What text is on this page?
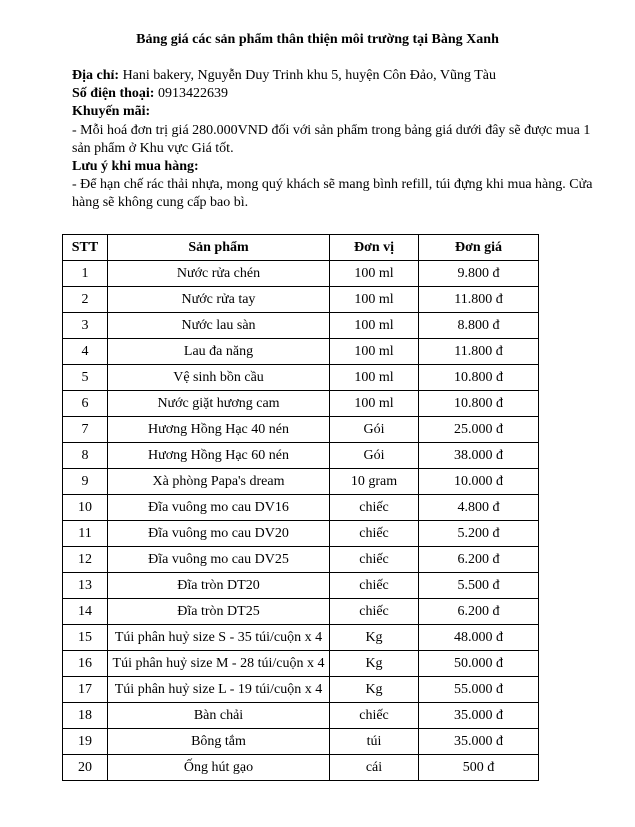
Bảng giá các sản phẩm thân thiện môi trường tại Bàng Xanh

Địa chỉ: Hani bakery, Nguyễn Duy Trinh khu 5, huyện Côn Đảo, Vũng Tàu

Số điện thoại: 0913422639

Khuyến mãi:

- Mỗi hoá đơn trị giá 280.000VND đối với sản phẩm trong bảng giá dưới đây sẽ được mua 1 sản phẩm ở Khu vực Giá tốt.

Lưu ý khi mua hàng:

- Để hạn chế rác thải nhựa, mong quý khách sẽ mang bình refill, túi đựng khi mua hàng. Cửa hàng sẽ không cung cấp bao bì.

STT	Sản phẩm	Đơn vị	Đơn giá
1	Nước rửa chén	100 ml	9.800 đ
2	Nước rửa tay	100 ml	11.800 đ
3	Nước lau sàn	100 ml	8.800 đ
4	Lau đa năng	100 ml	11.800 đ
5	Vệ sinh bồn cầu	100 ml	10.800 đ
6	Nước giặt hương cam	100 ml	10.800 đ
7	Hương Hồng Hạc 40 nén	Gói	25.000 đ
8	Hương Hồng Hạc 60 nén	Gói	38.000 đ
9	Xà phòng Papa's dream	10 gram	10.000 đ
10	Đĩa vuông mo cau DV16	chiếc	4.800 đ
11	Đĩa vuông mo cau DV20	chiếc	5.200 đ
12	Đĩa vuông mo cau DV25	chiếc	6.200 đ
13	Đĩa tròn DT20	chiếc	5.500 đ
14	Đĩa tròn DT25	chiếc	6.200 đ
15	Túi phân huỷ size S - 35 túi/cuộn x 4	Kg	48.000 đ
16	Túi phân huỷ size M - 28 túi/cuộn x 4	Kg	50.000 đ
17	Túi phân huỷ size L - 19 túi/cuộn x 4	Kg	55.000 đ
18	Bàn chải	chiếc	35.000 đ
19	Bông tắm	túi	35.000 đ
20	Ống hút gạo	cái	500 đ
